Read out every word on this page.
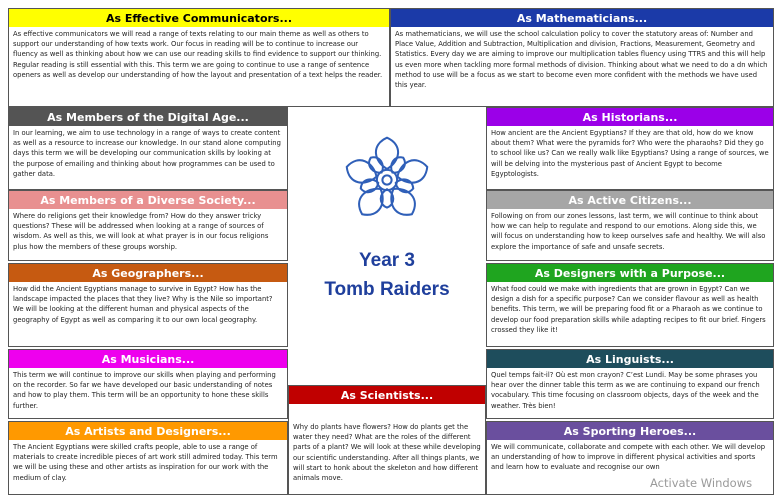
As Effective Communicators...
As effective communicators we will read a range of texts relating to our main theme as well as others to support our understanding of how texts work. Our focus in reading will be to continue to increase our fluency as well as thinking about how we can use our reading skills to find evidence to support our thinking. Regular reading is still essential with this. This term we are going to continue to use a range of sentence openers as well as develop our understanding of how the layout and presentation of a text helps the reader.
As Mathematicians...
As mathematicians, we will use the school calculation policy to cover the statutory areas of: Number and Place Value, Addition and Subtraction, Multiplication and division, Fractions, Measurement, Geometry and Statistics. Every day we are aiming to improve our multiplication tables fluency using TTRS and this will help us even more when tackling more formal methods of division. Thinking about what we need to do a dn which method to use will be a focus as we start to become even more confident with the methods we have used this year.
As Members of the Digital Age...
In our learning, we aim to use technology in a range of ways to create content as well as a resource to increase our knowledge. In our stand alone computing days this term we will be developing our communication skills by looking at the purpose of emailing and thinking about how programmes can be used to gather data.
As Historians...
How ancient are the Ancient Egyptians? If they are that old, how do we know about them? What were the pyramids for? Who were the pharaohs? Did they go to school like us? Can we really walk like Egyptians? Using a range of sources, we will be delving into the mysterious past of Ancient Egypt to become Egyptologists.
As Members of a Diverse Society...
Where do religions get their knowledge from? How do they answer tricky questions? These will be addressed when looking at a range of sources of wisdom. As well as this, we will look at what prayer is in our focus religions plus how the members of these groups worship.
As Active Citizens...
Following on from our zones lessons, last term, we will continue to think about how we can help to regulate and respond to our emotions. Along side this, we will focus on understanding how to keep ourselves safe and healthy. We will also explore the importance of safe and unsafe secrets.
As Geographers...
How did the Ancient Egyptians manage to survive in Egypt? How has the landscape impacted the places that they live? Why is the Nile so important? We will be looking at the different human and physical aspects of the geography of Egypt as well as comparing it to our own local geography.
As Designers with a Purpose...
What food could we make with ingredients that are grown in Egypt? Can we design a dish for a specific purpose? Can we consider flavour as well as health benefits. This term, we will be preparing food fit or a Pharaoh as we continue to develop our food preparation skills while adapting recipes to fit our brief. Fingers crossed they like it!
As Musicians...
This term we will continue to improve our skills when playing and performing on the recorder. So far we have developed our basic understanding of notes and how to play them. This term will be an opportunity to hone these skills further.
As Linguists...
Quel temps fait-il? Où est mon crayon? C’est Lundi. May be some phrases you hear over the dinner table this term as we are continuing to expand our french vocabulary. This time focusing on classroom objects, days of the week and the weather. Très bien!
As Scientists...
Why do plants have flowers? How do plants get the water they need? What are the roles of the different parts of a plant? We will look at these while developing our scientific understanding. After all things plants, we will start to honk about the skeleton and how different animals move.
As Artists and Designers...
The Ancient Egyptians were skilled crafts people, able to use a range of materials to create incredible pieces of art work still admired today. This term we will be using these and other artists as inspiration for our work with the medium of clay.
As Sporting Heroes...
We will communicate, collaborate and compete with each other. We will develop an understanding of how to improve in different physical activities and sports and learn how to evaluate and recognise our own
Year 3
Tomb Raiders
Activate Windows
